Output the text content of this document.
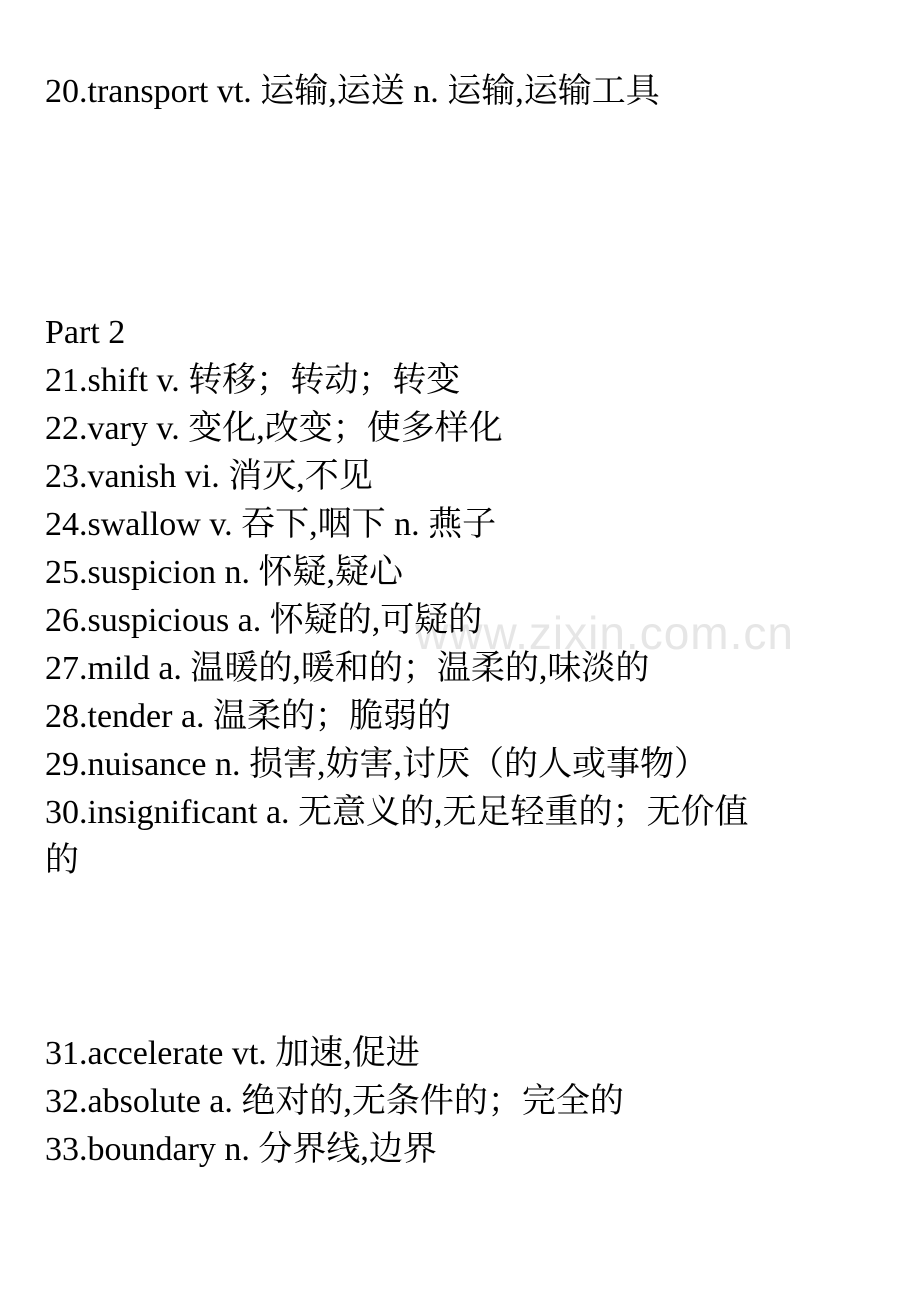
www.zixin.com.cn
20.transport vt. 运输,运送 n. 运输,运输工具
Part 2
21.shift v. 转移；转动；转变
22.vary v. 变化,改变；使多样化
23.vanish vi. 消灭,不见
24.swallow v. 吞下,咽下 n. 燕子
25.suspicion n. 怀疑,疑心
26.suspicious a. 怀疑的,可疑的
27.mild a. 温暖的,暖和的；温柔的,味淡的
28.tender a. 温柔的；脆弱的
29.nuisance n. 损害,妨害,讨厌（的人或事物）
30.insignificant a. 无意义的,无足轻重的；无价值
的
31.accelerate vt. 加速,促进
32.absolute a. 绝对的,无条件的；完全的
33.boundary n. 分界线,边界
